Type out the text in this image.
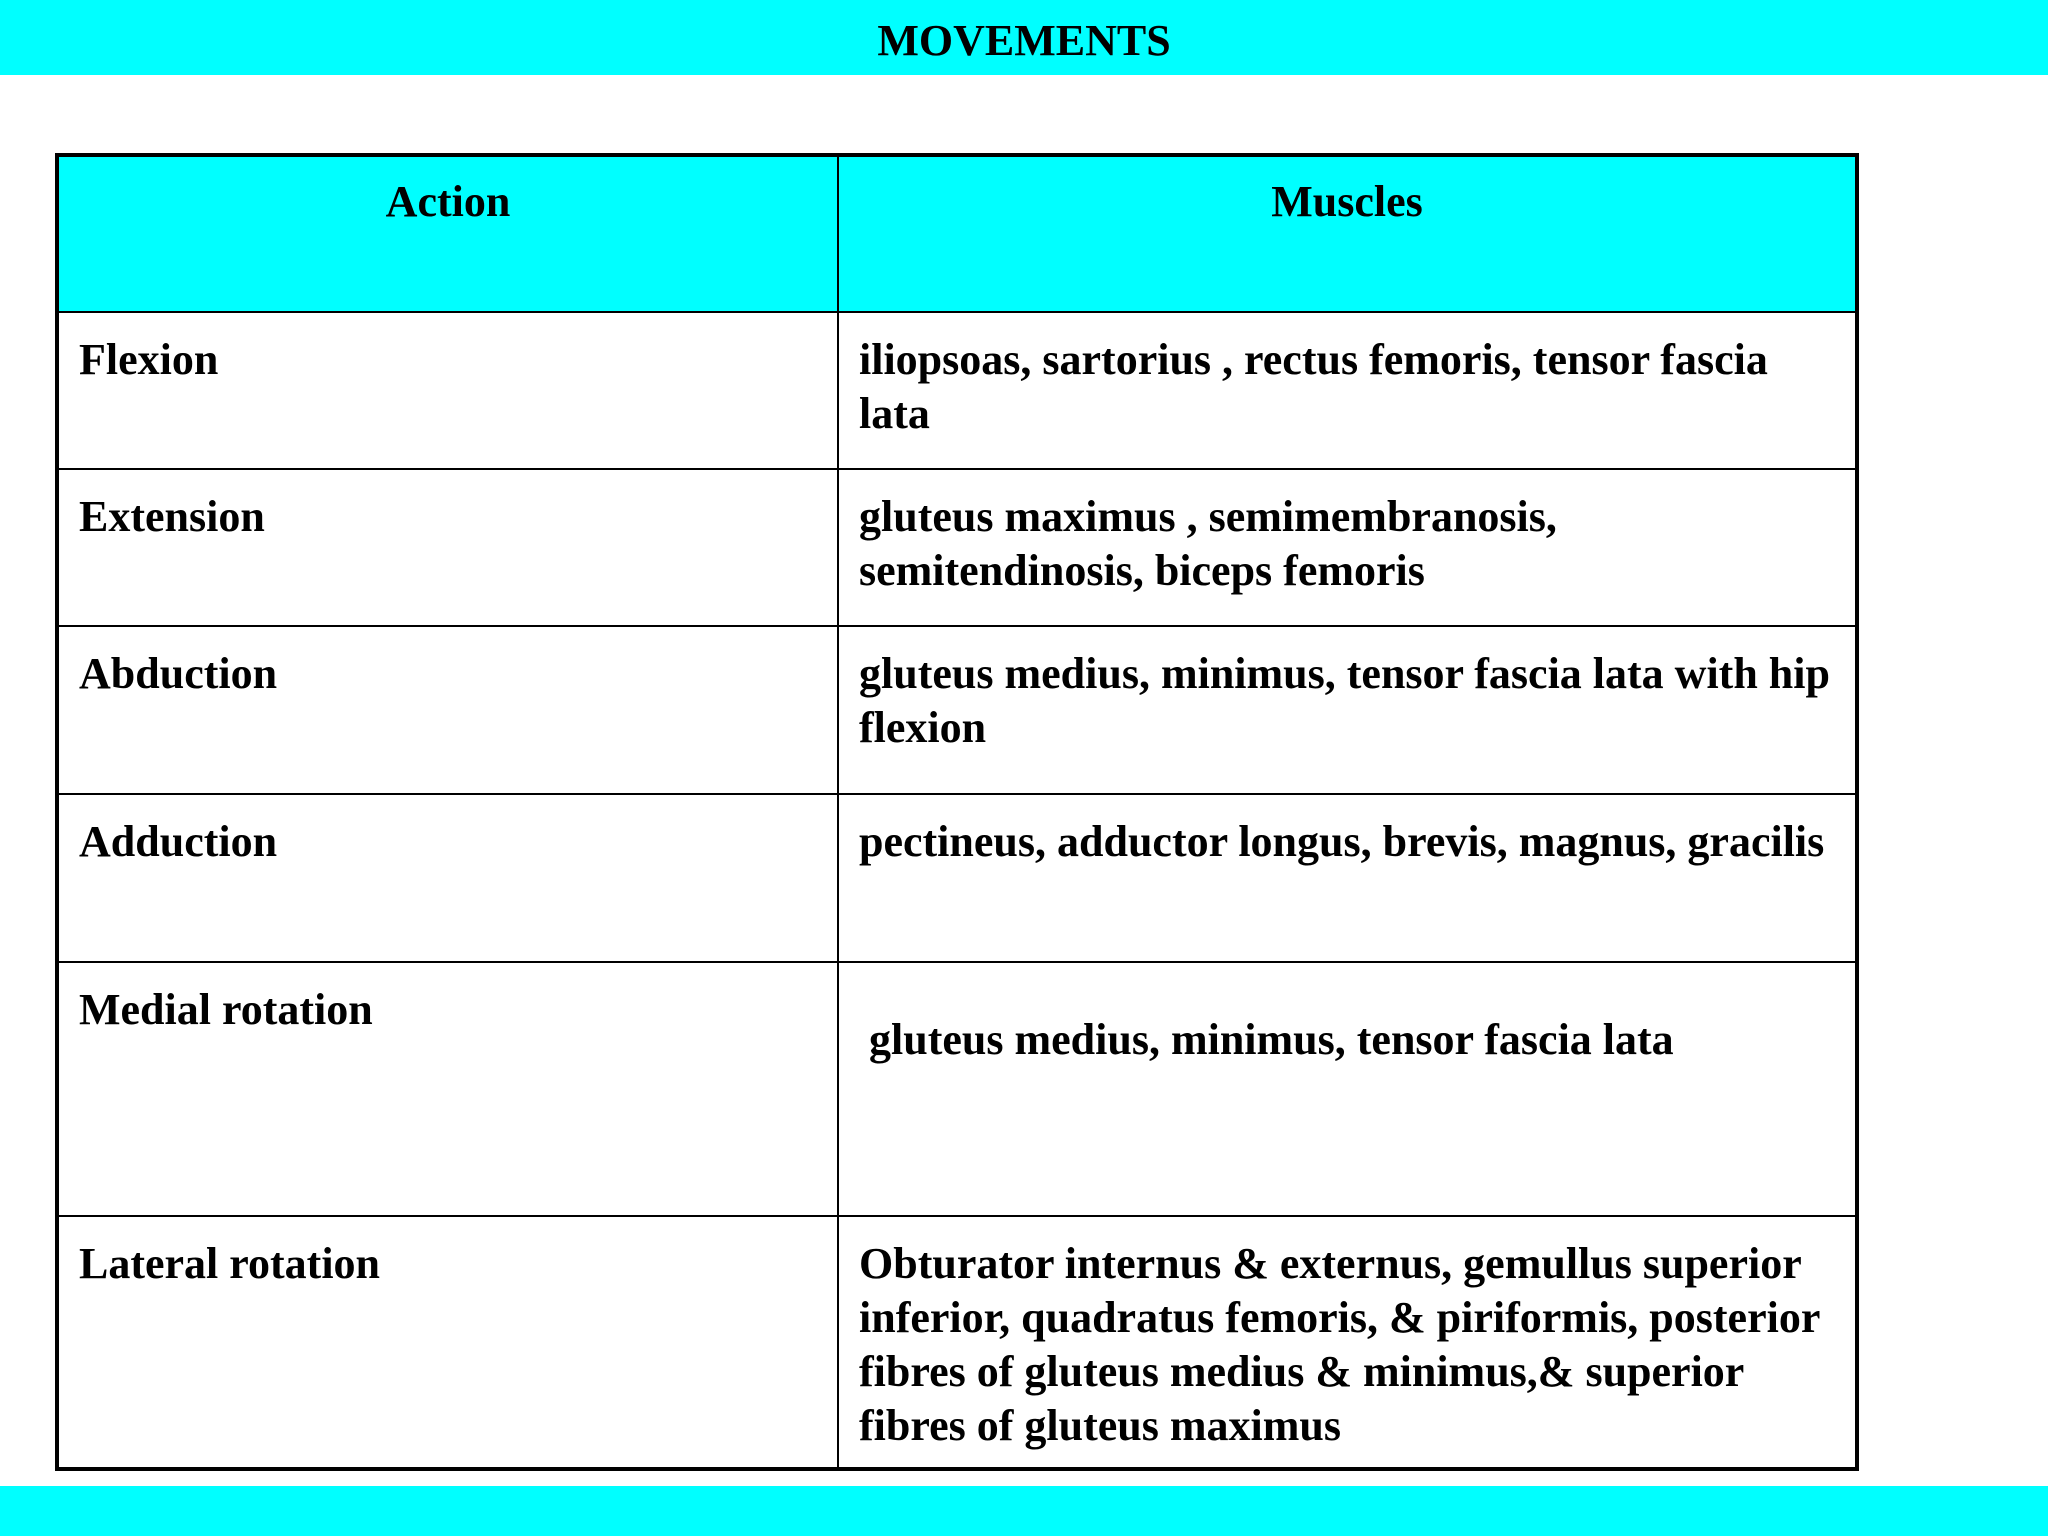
MOVEMENTS
Action	Muscles
Flexion	iliopsoas, sartorius , rectus femoris, tensor fascia lata
Extension	gluteus maximus , semimembranosis, semitendinosis, biceps femoris
Abduction	gluteus medius, minimus, tensor fascia lata with hip flexion
Adduction	pectineus, adductor longus, brevis, magnus, gracilis
Medial rotation	gluteus medius, minimus, tensor fascia lata
Lateral rotation	Obturator internus & externus, gemullus superior inferior, quadratus femoris, & piriformis, posterior fibres of gluteus medius & minimus,& superior fibres of gluteus maximus
